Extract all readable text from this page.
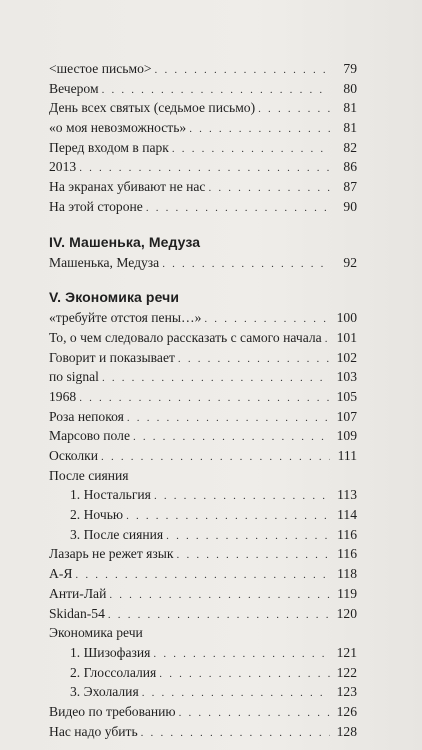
<шестое письмо> . . .	79
Вечером . . .	80
День всех святых (седьмое письмо) . . .	81
«о моя невозможность» . . .	81
Перед входом в парк . . .	82
2013 . . .	86
На экранах убивают не нас . . .	87
На этой стороне . . .	90
IV. Машенька, Медуза
Машенька, Медуза . . .	92
V. Экономика речи
«требуйте отстоя пены…» . . .	100
То, о чем следовало рассказать с самого начала . . . 101
Говорит и показывает . . .	102
по signal . . .	103
1968 . . .	105
Роза непокоя . . .	107
Марсово поле . . .	109
Осколки . . .	111
После сияния
1. Ностальгия . . .	113
2. Ночью . . .	114
3. После сияния . . .	116
Лазарь не режет язык . . .	116
А-Я . . .	118
Анти-Лай . . .	119
Skidan-54 . . .	120
Экономика речи
1. Шизофазия . . .	121
2. Глоссолалия . . .	122
3. Эхолалия . . .	123
Видео по требованию . . .	126
Нас надо убить . . .	128
